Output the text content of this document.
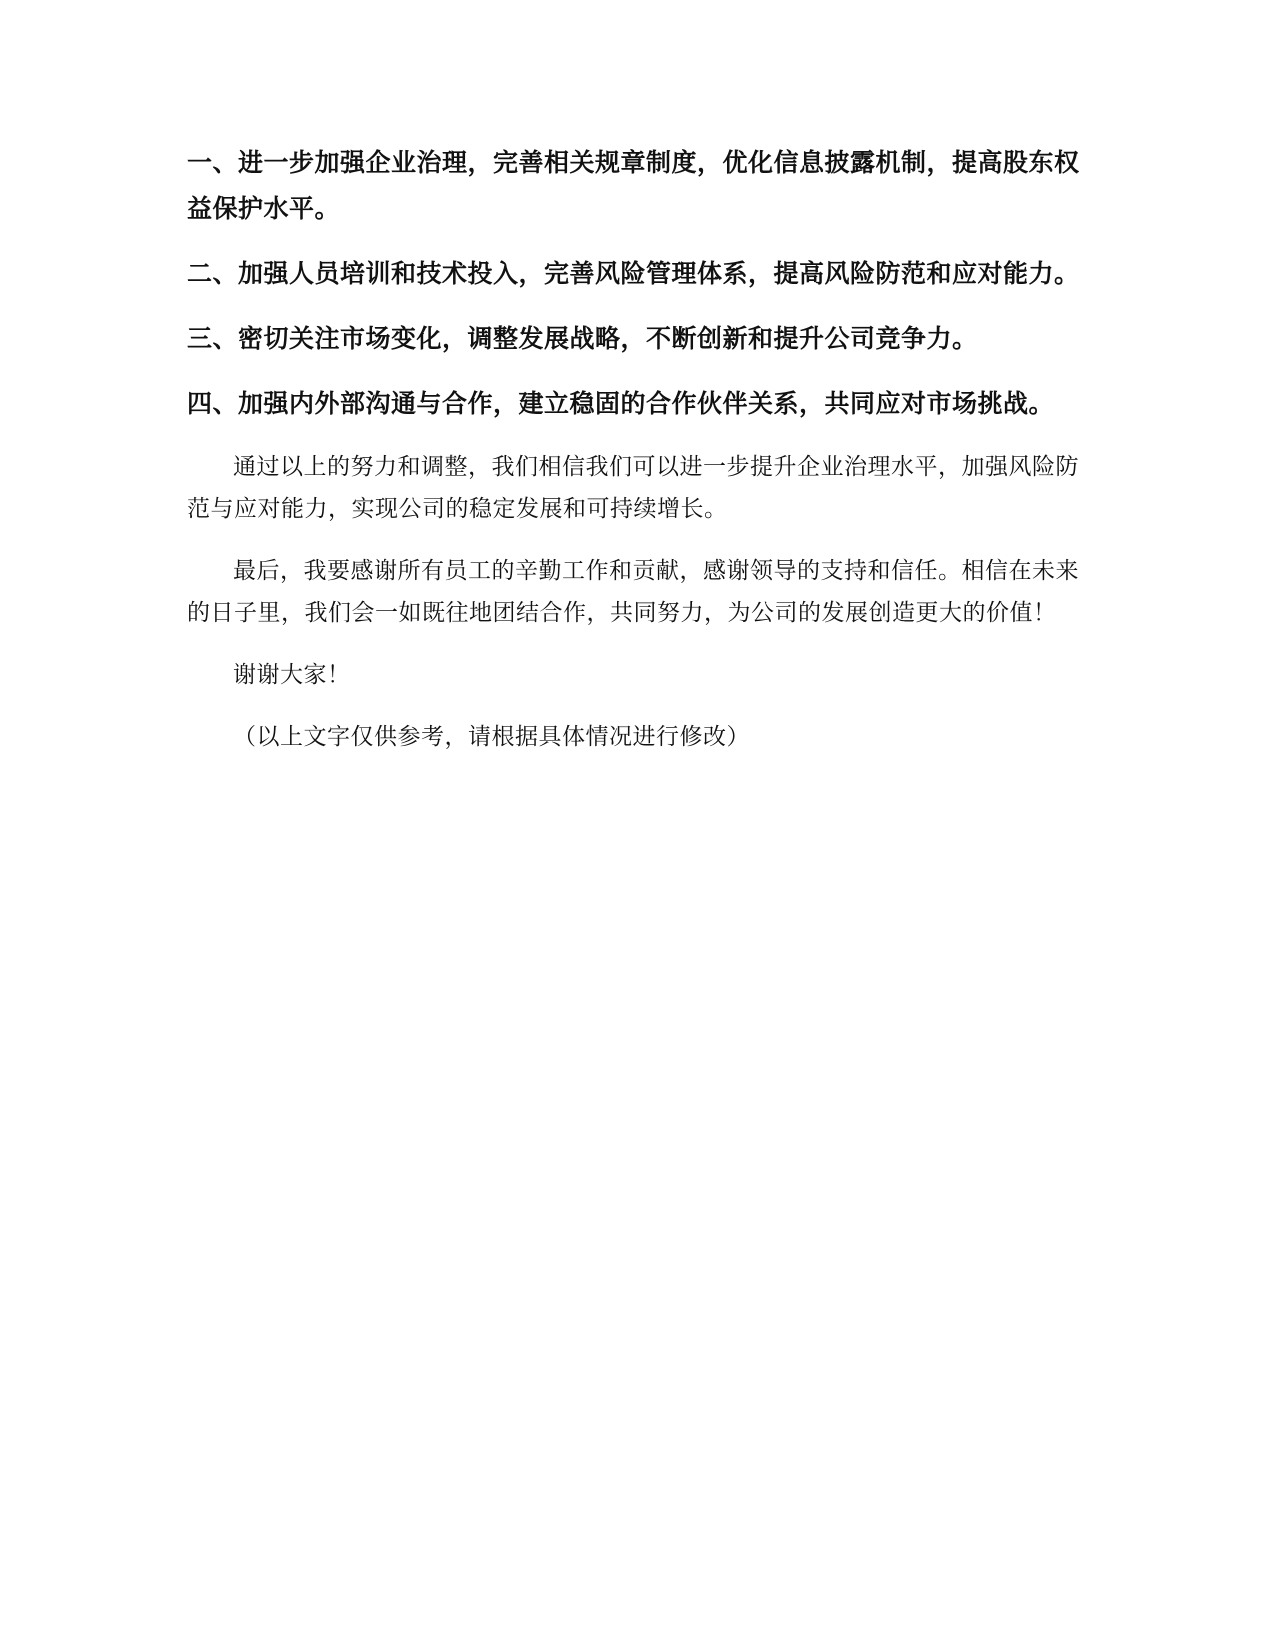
一、进一步加强企业治理，完善相关规章制度，优化信息披露机制，提高股东权益保护水平。

二、加强人员培训和技术投入，完善风险管理体系，提高风险防范和应对能力。

三、密切关注市场变化，调整发展战略，不断创新和提升公司竞争力。

四、加强内外部沟通与合作，建立稳固的合作伙伴关系，共同应对市场挑战。

通过以上的努力和调整，我们相信我们可以进一步提升企业治理水平，加强风险防范与应对能力，实现公司的稳定发展和可持续增长。

最后，我要感谢所有员工的辛勤工作和贡献，感谢领导的支持和信任。相信在未来的日子里，我们会一如既往地团结合作，共同努力，为公司的发展创造更大的价值！

谢谢大家！

（以上文字仅供参考，请根据具体情况进行修改）
